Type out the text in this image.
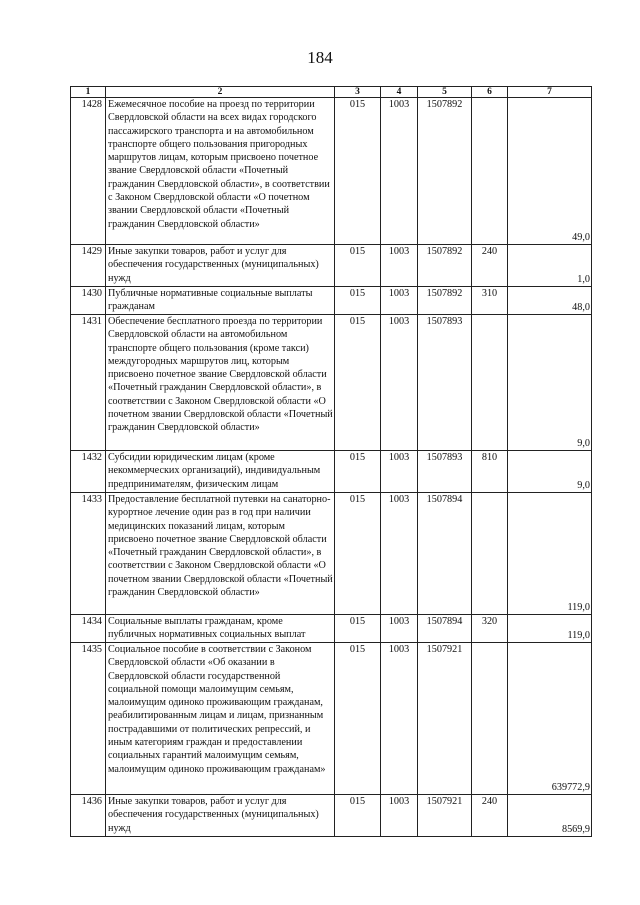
184
1	2	3	4	5	6	7
1428	Ежемесячное пособие на проезд по территории Свердловской области на всех видах городского пассажирского транспорта и на автомобильном транспорте общего пользования пригородных маршрутов лицам, которым присвоено почетное звание Свердловской области «Почетный гражданин Свердловской области», в соответствии с Законом Свердловской области «О почетном звании Свердловской области «Почетный гражданин Свердловской области»	015	1003	1507892		49,0
1429	Иные закупки товаров, работ и услуг для обеспечения государственных (муниципальных) нужд	015	1003	1507892	240	1,0
1430	Публичные нормативные социальные выплаты гражданам	015	1003	1507892	310	48,0
1431	Обеспечение бесплатного проезда по территории Свердловской области на автомобильном транспорте общего пользования (кроме такси) междугородных маршрутов лиц, которым присвоено почетное звание Свердловской области «Почетный гражданин Свердловской области», в соответствии с Законом Свердловской области «О почетном звании Свердловской области «Почетный гражданин Свердловской области»	015	1003	1507893		9,0
1432	Субсидии юридическим лицам (кроме некоммерческих организаций), индивидуальным предпринимателям, физическим лицам	015	1003	1507893	810	9,0
1433	Предоставление бесплатной путевки на санаторно-курортное лечение один раз в год при наличии медицинских показаний лицам, которым присвоено почетное звание Свердловской области «Почетный гражданин Свердловской области», в соответствии с Законом Свердловской области «О почетном звании Свердловской области «Почетный гражданин Свердловской области»	015	1003	1507894		119,0
1434	Социальные выплаты гражданам, кроме публичных нормативных социальных выплат	015	1003	1507894	320	119,0
1435	Социальное пособие в соответствии с Законом Свердловской области «Об оказании в Свердловской области государственной социальной помощи малоимущим семьям, малоимущим одиноко проживающим гражданам, реабилитированным лицам и лицам, признанным пострадавшими от политических репрессий, и иным категориям граждан и предоставлении социальных гарантий малоимущим семьям, малоимущим одиноко проживающим гражданам»	015	1003	1507921		639772,9
1436	Иные закупки товаров, работ и услуг для обеспечения государственных (муниципальных) нужд	015	1003	1507921	240	8569,9
